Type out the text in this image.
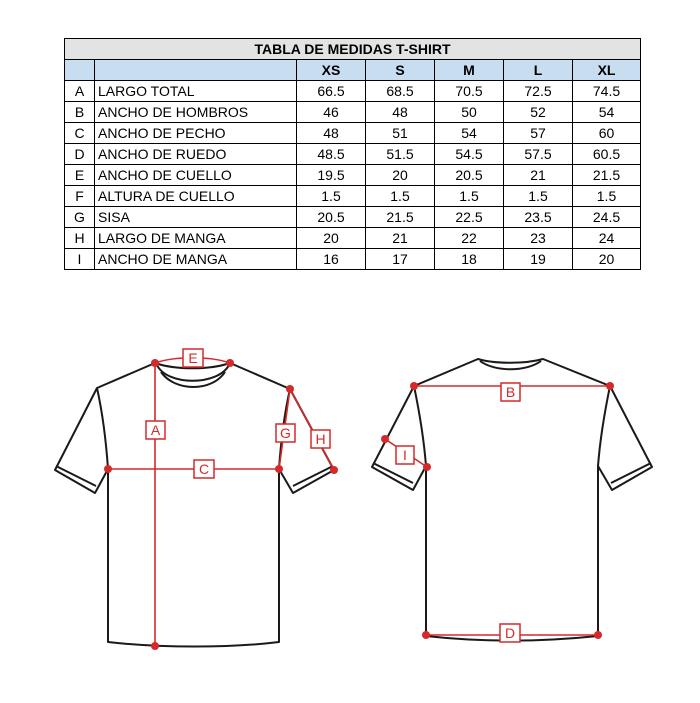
TABLA DE MEDIDAS T-SHIRT						
		XS	S	M	L	XL
A	LARGO TOTAL	66.5	68.5	70.5	72.5	74.5
B	ANCHO DE HOMBROS	46	48	50	52	54
C	ANCHO DE PECHO	48	51	54	57	60
D	ANCHO DE RUEDO	48.5	51.5	54.5	57.5	60.5
E	ANCHO DE CUELLO	19.5	20	20.5	21	21.5
F	ALTURA DE CUELLO	1.5	1.5	1.5	1.5	1.5
G	SISA	20.5	21.5	22.5	23.5	24.5
H	LARGO DE MANGA	20	21	22	23	24
I	ANCHO DE MANGA	16	17	18	19	20
E
A
C
G H
B
D
I
